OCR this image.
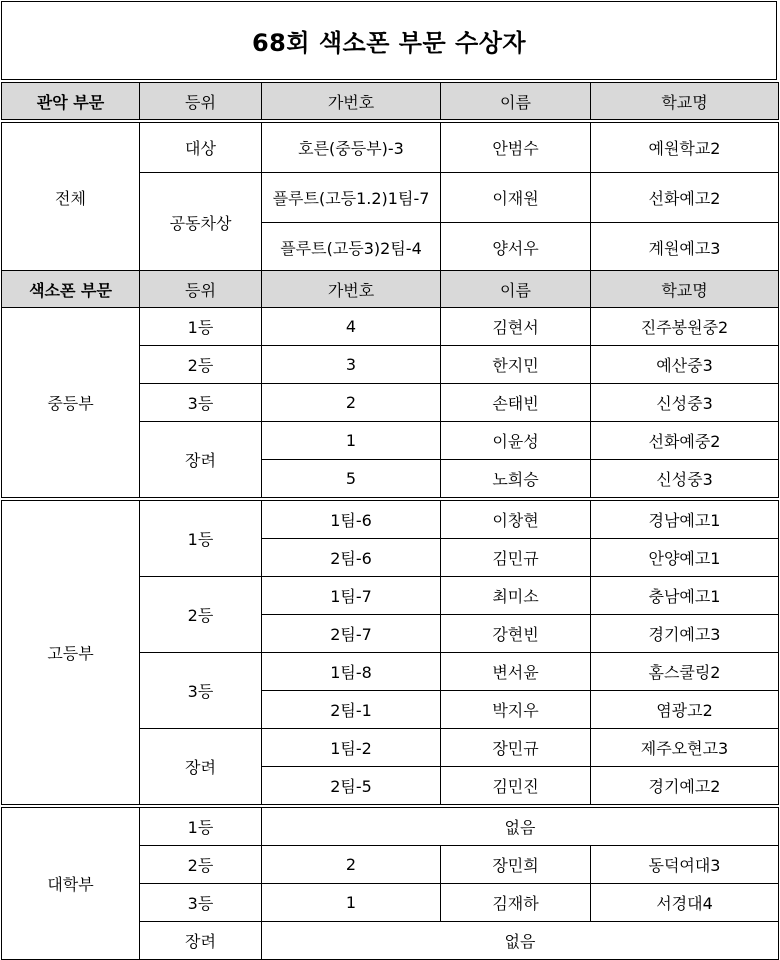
68회 색소폰 부문 수상자
관악 부문	등위	가번호	이름	학교명

전체	대상	호른(중등부)-3	안범수	예원학교2
	공동차상	플루트(고등1.2)1팀-7	이재원	선화예고2
		플루트(고등3)2팀-4	양서우	계원예고3
색소폰 부문	등위	가번호	이름	학교명
중등부	1등	4	김현서	진주봉원중2
	2등	3	한지민	예산중3
	3등	2	손태빈	신성중3
	장려	1	이윤성	선화예중2
		5	노희승	신성중3

고등부	1등	1팀-6	이창현	경남예고1
		2팀-6	김민규	안양예고1
	2등	1팀-7	최미소	충남예고1
		2팀-7	강현빈	경기예고3
	3등	1팀-8	변서윤	홈스쿨링2
		2팀-1	박지우	염광고2
	장려	1팀-2	장민규	제주오현고3
		2팀-5	김민진	경기예고2

대학부	1등	없음		
	2등	2	장민희	동덕여대3
	3등	1	김재하	서경대4
	장려	없음		
